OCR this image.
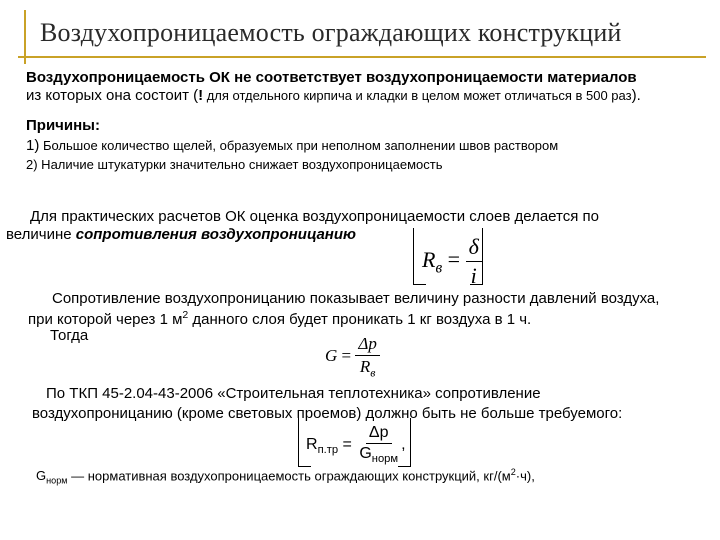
Воздухопроницаемость ограждающих конструкций
Воздухопроницаемость ОК не соответствует воздухопроницаемости материалов
из которых она состоит (! для отдельного кирпича и кладки в целом может отличаться в 500 раз).
Причины:
1) Большое количество щелей, образуемых при неполном заполнении швов раствором
2) Наличие штукатурки значительно снижает воздухопроницаемость
Для практических расчетов ОК оценка воздухопроницаемости слоев делается по
величине сопротивления воздухопроницанию
$R_в = \frac{\delta}{i}$
Сопротивление воздухопроницанию показывает величину разности давлений воздуха,
при которой через 1 $м^2$ данного слоя будет проникать 1 кг воздуха в 1 ч.
Тогда
$G = \frac{\Delta p}{R_в}$
По ТКП 45-2.04-43-2006 «Строительная теплотехника» сопротивление
воздухопроницанию (кроме световых проемов) должно быть не больше требуемого:
$R_{п.тр} = \frac{\Delta p}{G_{норм}}$ ,
$G_{норм}$ — нормативная воздухопроницаемость ограждающих конструкций, $кг/(м^2\cdot ч)$,
